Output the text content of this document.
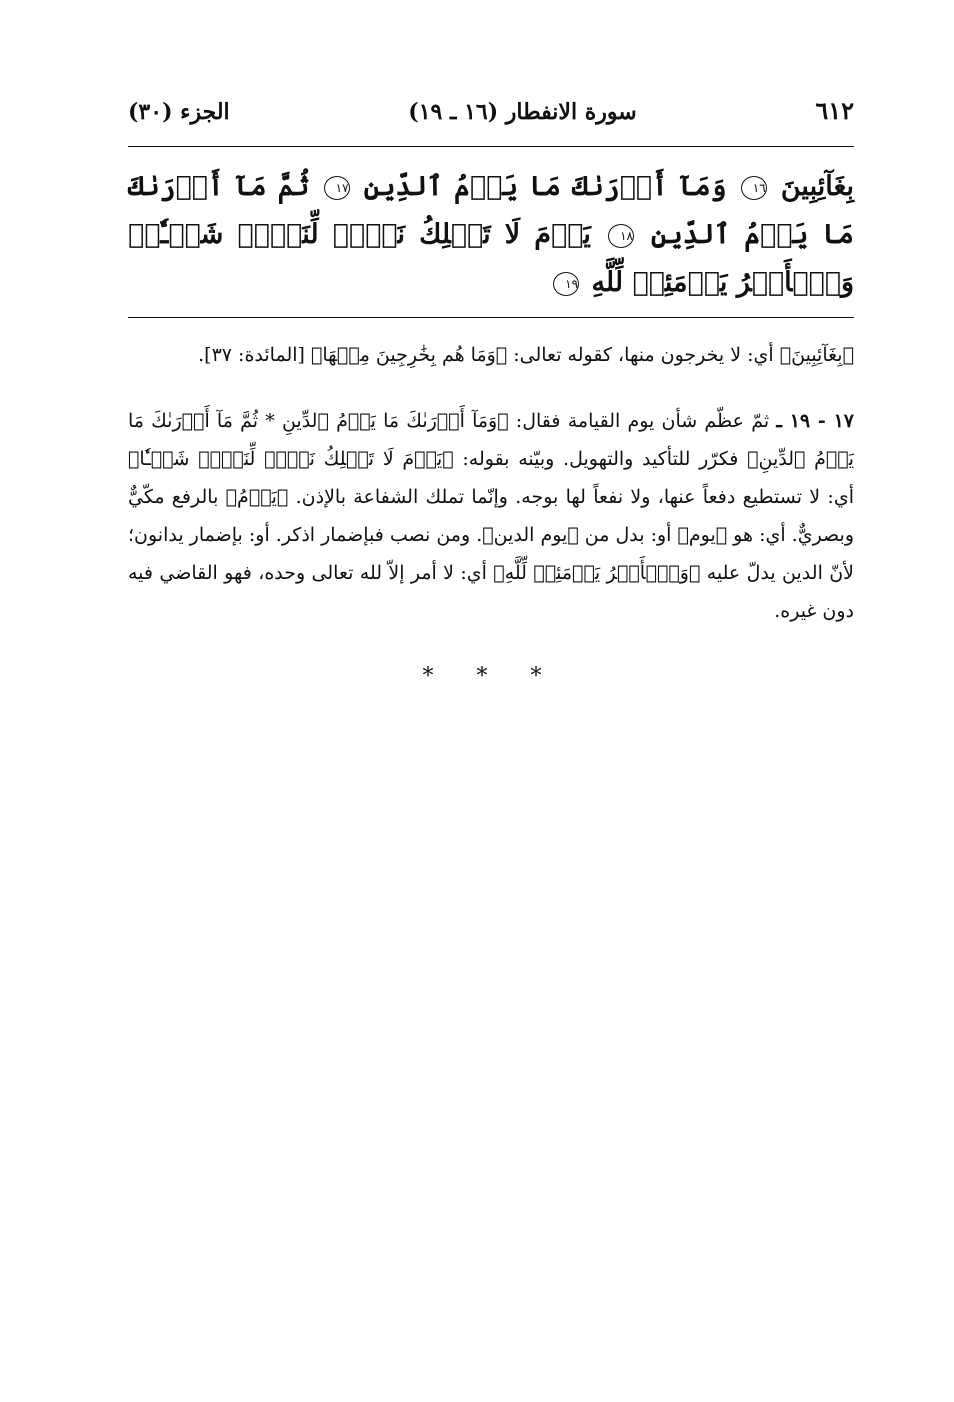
٦١٢
سورة الانفطار (١٦ ـ ١٩)
الجزء (٣٠)
بِغَآئِبِينَ ١٦ وَمَآ أَدۡرَىٰكَ مَا يَوۡمُ ٱلدِّينِ ١٧ ثُمَّ مَآ أَدۡرَىٰكَ مَا يَوۡمُ ٱلدِّينِ ١٨ يَوۡمَ لَا تَمۡلِكُ نَفۡسٞ لِّنَفۡسٖ شَيۡـٔٗاۖ وَٱلۡأَمۡرُ يَوۡمَئِذٖ لِّلَّهِ ١٩

﴿بِغَآئِبِينَ﴾ أي: لا يخرجون منها، كقوله تعالى: ﴿وَمَا هُم بِخَٰرِجِينَ مِنۡهَا﴾ [المائدة: ٣٧].

١٧ - ١٩ ـ ثمّ عظّم شأن يوم القيامة فقال: ﴿وَمَآ أَدۡرَىٰكَ مَا يَوۡمُ ٱلدِّينِ * ثُمَّ مَآ أَدۡرَىٰكَ مَا يَوۡمُ ٱلدِّينِ﴾ فكرّر للتأكيد والتهويل. وبيّنه بقوله: ﴿يَوۡمَ لَا تَمۡلِكُ نَفۡسٞ لِّنَفۡسٖ شَيۡـٔٗا﴾ أي: لا تستطيع دفعاً عنها، ولا نفعاً لها بوجه. وإنّما تملك الشفاعة بالإذن. ﴿يَوۡمُ﴾ بالرفع مكّيٌّ وبصريٌّ. أي: هو ﴿يوم﴾ أو: بدل من ﴿يوم الدين﴾. ومن نصب فبإضمار اذكر. أو: بإضمار يدانون؛ لأنّ الدين يدلّ عليه ﴿وَٱلۡأَمۡرُ يَوۡمَئِذٖ لِّلَّهِ﴾ أي: لا أمر إلاّ لله تعالى وحده، فهو القاضي فيه دون غيره.

* * *
